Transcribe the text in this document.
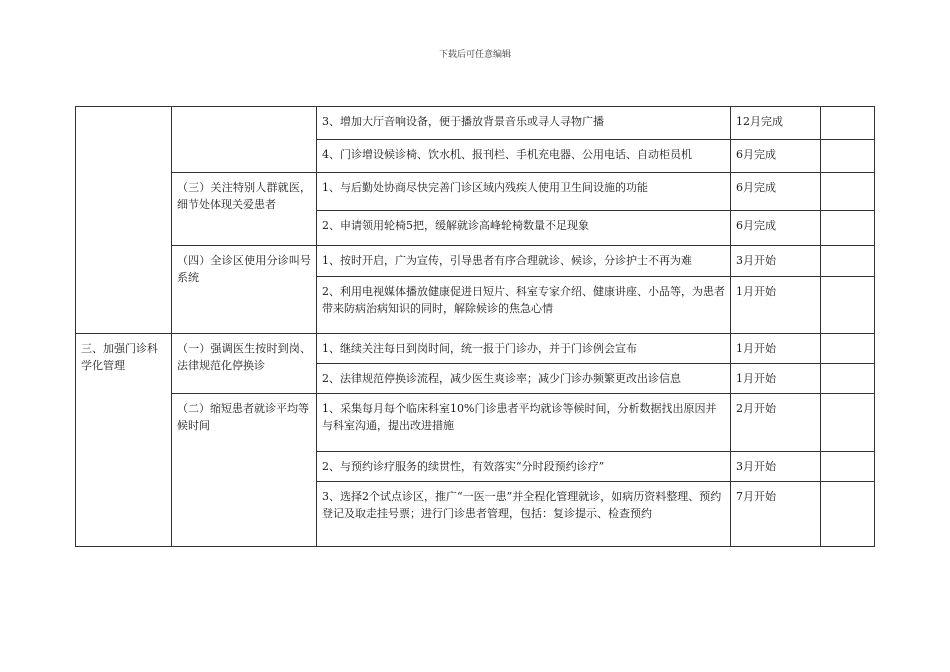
下载后可任意编辑
		3、增加大厅音响设备，便于播放背景音乐或寻人寻物广播	12月完成	
		4、门诊增设候诊椅、饮水机、报刊栏、手机充电器、公用电话、自动柜员机	6月完成	
	（三）关注特别人群就医，细节处体现关爱患者	1、与后勤处协商尽快完善门诊区域内残疾人使用卫生间设施的功能	6月完成	
		2、申请领用轮椅5把，缓解就诊高峰轮椅数量不足现象	6月完成	
	（四）全诊区使用分诊叫号系统	1、按时开启，广为宣传，引导患者有序合理就诊、候诊，分诊护士不再为难	3月开始	
		2、利用电视媒体播放健康促进日短片、科室专家介绍、健康讲座、小品等，为患者带来防病治病知识的同时，解除候诊的焦急心情	1月开始	
三、加强门诊科学化管理	（一）强调医生按时到岗、法律规范化停换诊	1、继续关注每日到岗时间，统一报于门诊办，并于门诊例会宣布	1月开始	
		2、法律规范停换诊流程，减少医生爽诊率；减少门诊办频繁更改出诊信息	1月开始	
	（二）缩短患者就诊平均等候时间	1、采集每月每个临床科室10%门诊患者平均就诊等候时间，分析数据找出原因并与科室沟通，提出改进措施	2月开始	
		2、与预约诊疗服务的续贯性，有效落实“分时段预约诊疗”	3月开始	
		3、选择2个试点诊区，推广“一医一患”并全程化管理就诊，如病历资料整理、预约登记及取走挂号票；进行门诊患者管理，包括：复诊提示、检查预约	7月开始	
